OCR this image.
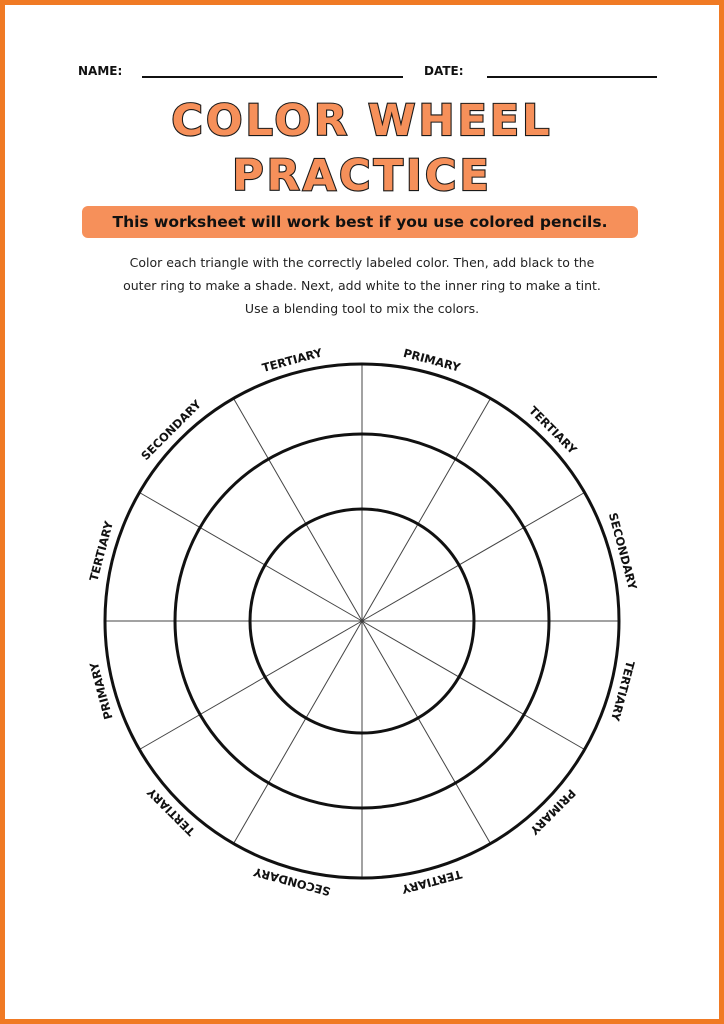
NAME:	DATE:
COLOR WHEEL
PRACTICE
This worksheet will work best if you use colored pencils.
Color each triangle with the correctly labeled color. Then, add black to the
outer ring to make a shade. Next, add white to the inner ring to make a tint.
Use a blending tool to mix the colors.
PRIMARY
TERTIARY
SECONDARY
TERTIARY
PRIMARY
TERTIARY
SECONDARY
TERTIARY
PRIMARY
TERTIARY
SECONDARY
TERTIARY
